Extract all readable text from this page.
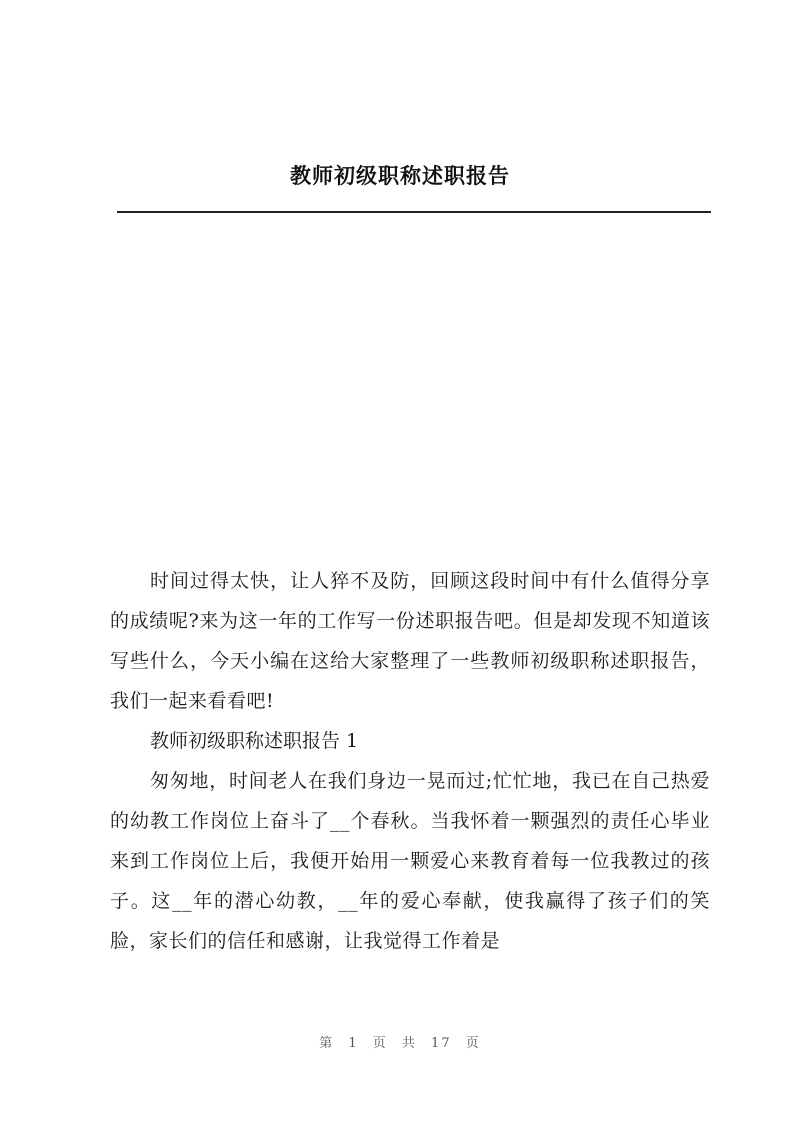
教师初级职称述职报告

时间过得太快，让人猝不及防，回顾这段时间中有什么值得分享的成绩呢?来为这一年的工作写一份述职报告吧。但是却发现不知道该写些什么，今天小编在这给大家整理了一些教师初级职称述职报告，我们一起来看看吧!

教师初级职称述职报告 1

匆匆地，时间老人在我们身边一晃而过;忙忙地，我已在自己热爱的幼教工作岗位上奋斗了__个春秋。当我怀着一颗强烈的责任心毕业来到工作岗位上后，我便开始用一颗爱心来教育着每一位我教过的孩子。这__年的潜心幼教，__年的爱心奉献，使我赢得了孩子们的笑脸，家长们的信任和感谢，让我觉得工作着是

第 1 页 共 17 页
